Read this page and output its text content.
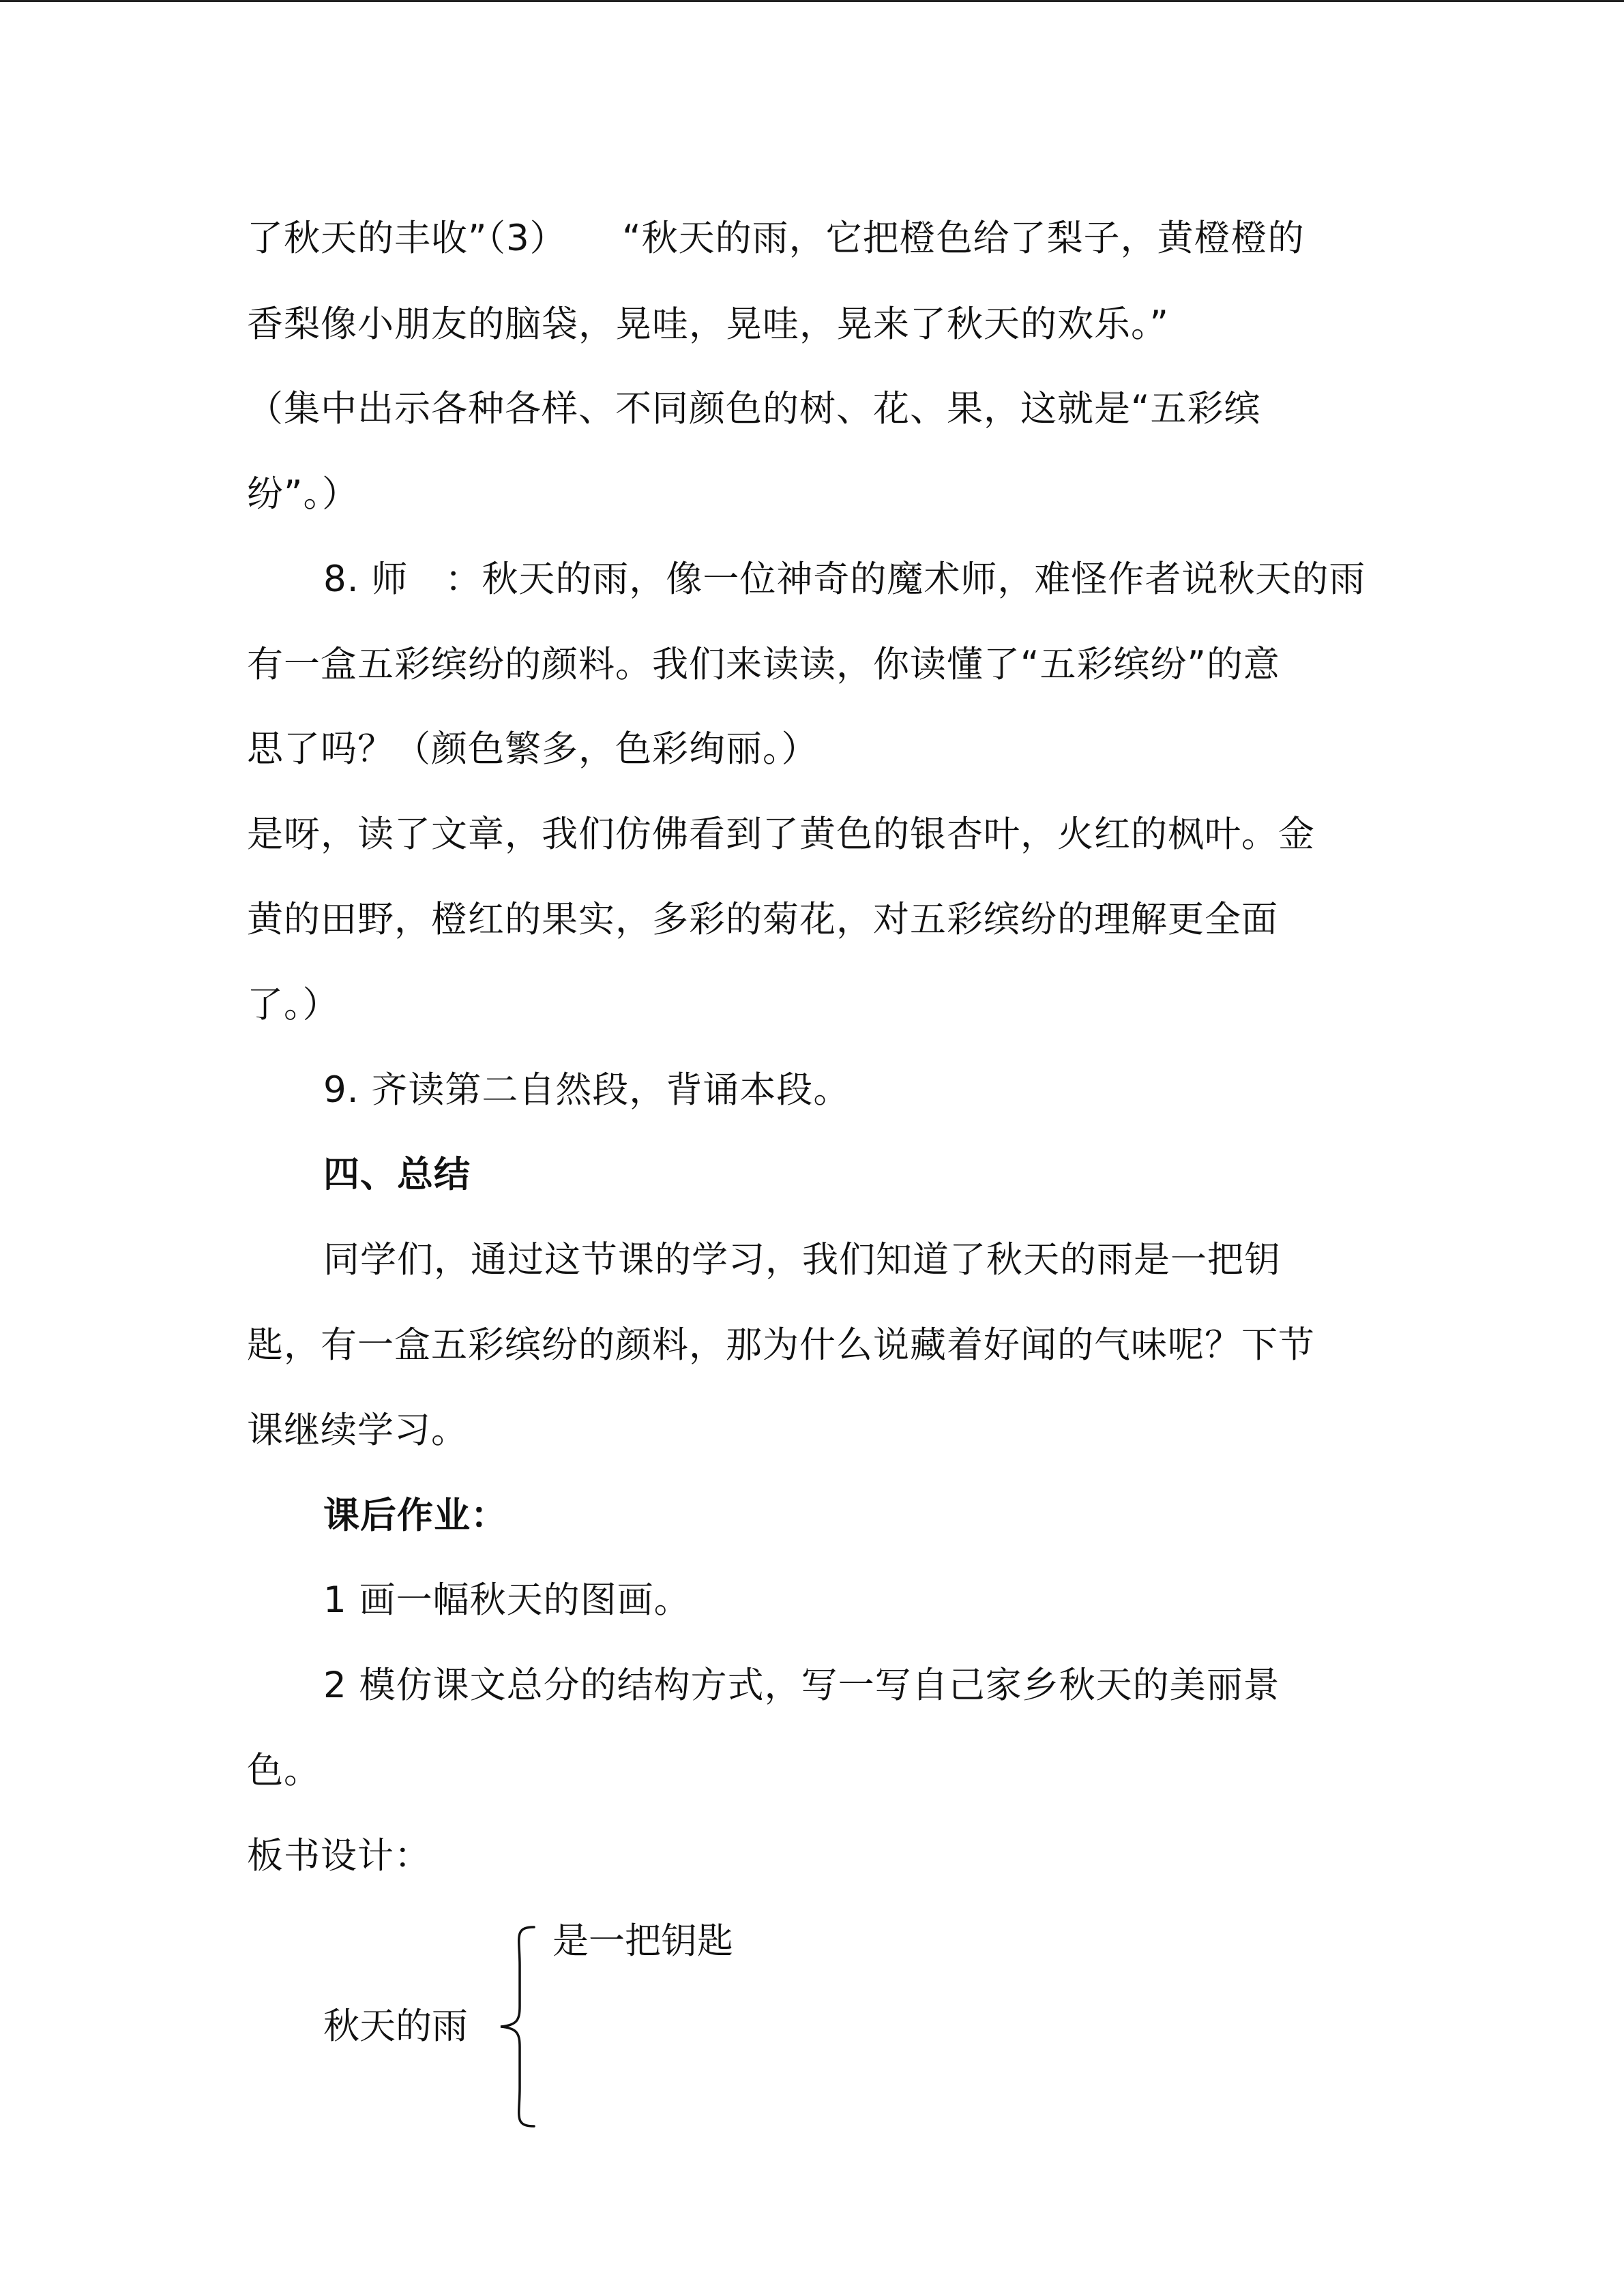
了秋天的丰收”（3）　　“秋天的雨，它把橙色给了梨子，黄橙橙的
香梨像小朋友的脑袋，晃哇，晃哇，晃来了秋天的欢乐。”
（集中出示各种各样、不同颜色的树、花、果，这就是“五彩缤
纷”。）
8. 师　：秋天的雨，像一位神奇的魔术师，难怪作者说秋天的雨
有一盒五彩缤纷的颜料。我们来读读，你读懂了“五彩缤纷”的意
思了吗？（颜色繁多，色彩绚丽。）
是呀，读了文章，我们仿佛看到了黄色的银杏叶，火红的枫叶。金
黄的田野，橙红的果实，多彩的菊花，对五彩缤纷的理解更全面
了。）
9. 齐读第二自然段，背诵本段。
四、总结
同学们，通过这节课的学习，我们知道了秋天的雨是一把钥
匙，有一盒五彩缤纷的颜料，那为什么说藏着好闻的气味呢？下节
课继续学习。
课后作业：
1 画一幅秋天的图画。
2 模仿课文总分的结构方式，写一写自己家乡秋天的美丽景
色。
板书设计：
秋天的雨
是一把钥匙
